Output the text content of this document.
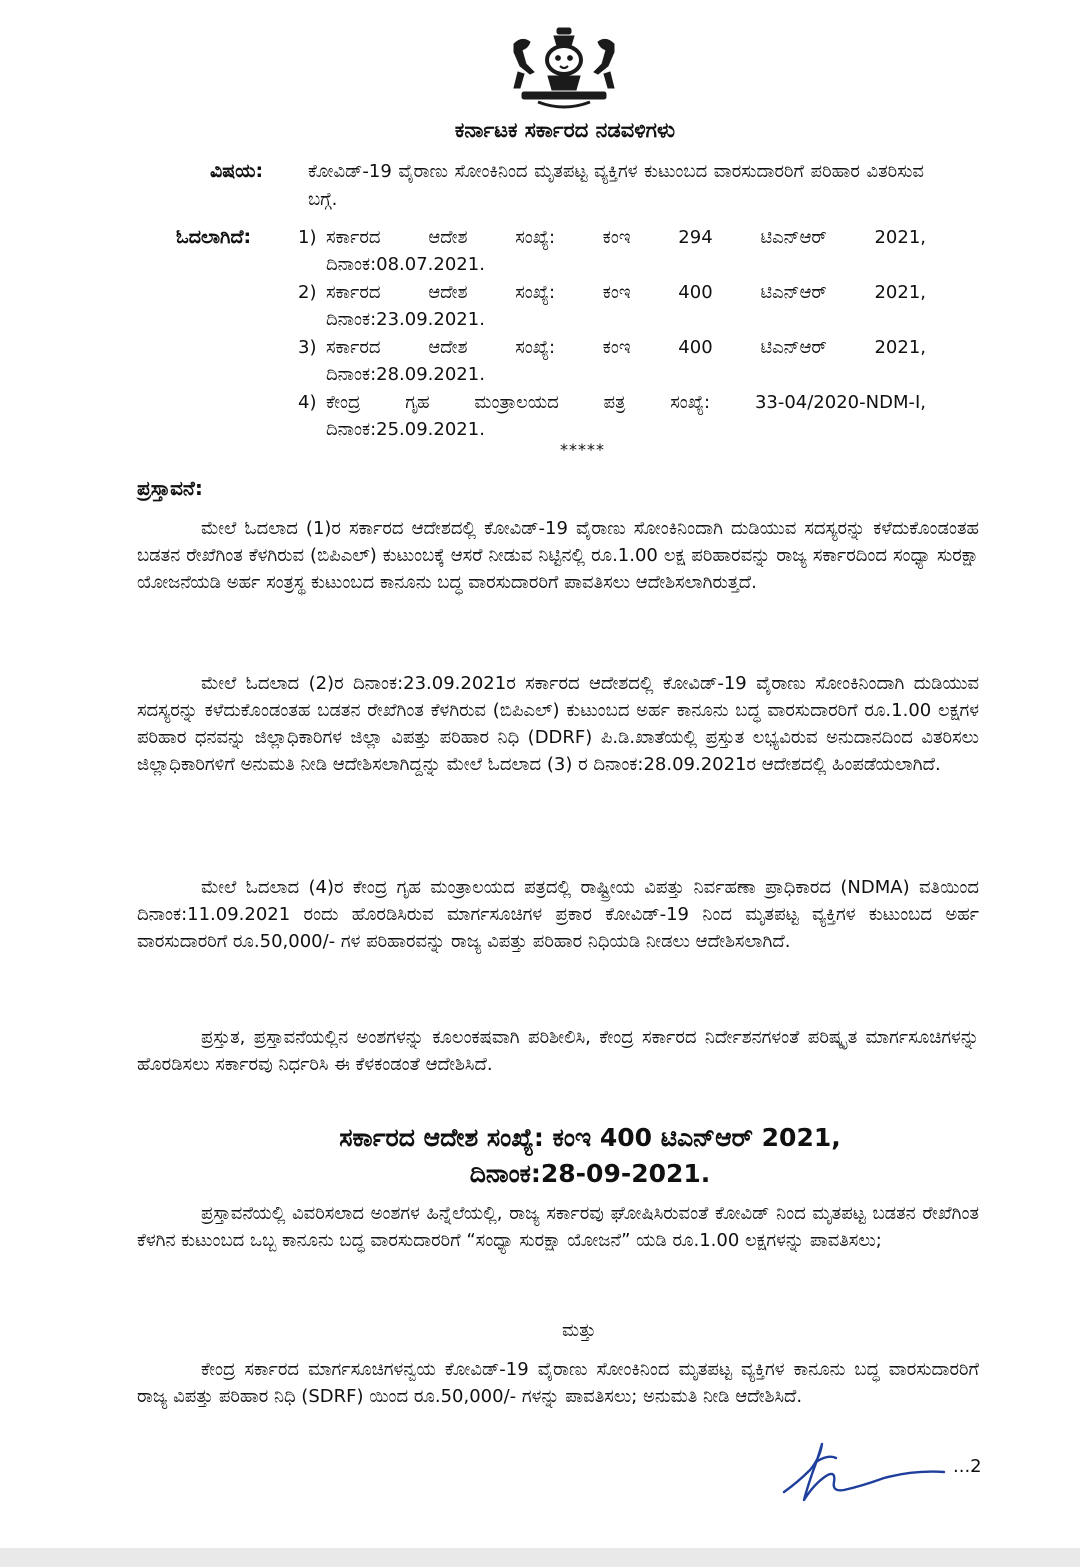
ಕರ್ನಾಟಕ ಸರ್ಕಾರದ ನಡವಳಿಗಳು
ವಿಷಯ: ಕೋವಿಡ್-19 ವೈರಾಣು ಸೋಂಕಿನಿಂದ ಮೃತಪಟ್ಟ ವ್ಯಕ್ತಿಗಳ ಕುಟುಂಬದ ವಾರಸುದಾರರಿಗೆ ಪರಿಹಾರ ವಿತರಿಸುವ ಬಗ್ಗೆ.
ಓದಲಾಗಿದೆ:	1) ಸರ್ಕಾರದ ಆದೇಶ ಸಂಖ್ಯೆ: ಕಂಇ 294 ಟಿಎನ್‌ಆರ್ 2021,
ದಿನಾಂಕ:08.07.2021.
2) ಸರ್ಕಾರದ ಆದೇಶ ಸಂಖ್ಯೆ: ಕಂಇ 400 ಟಿಎನ್‌ಆರ್ 2021,
ದಿನಾಂಕ:23.09.2021.
3) ಸರ್ಕಾರದ ಆದೇಶ ಸಂಖ್ಯೆ: ಕಂಇ 400 ಟಿಎನ್‌ಆರ್ 2021,
ದಿನಾಂಕ:28.09.2021.
4) ಕೇಂದ್ರ ಗೃಹ ಮಂತ್ರಾಲಯದ ಪತ್ರ ಸಂಖ್ಯೆ: 33-04/2020-NDM-I,
ದಿನಾಂಕ:25.09.2021.
*****
ಪ್ರಸ್ತಾವನೆ:

ಮೇಲೆ ಓದಲಾದ (1)ರ ಸರ್ಕಾರದ ಆದೇಶದಲ್ಲಿ ಕೋವಿಡ್-19 ವೈರಾಣು ಸೋಂಕಿನಿಂದಾಗಿ ದುಡಿಯುವ ಸದಸ್ಯರನ್ನು ಕಳೆದುಕೊಂಡಂತಹ ಬಡತನ ರೇಖೆಗಿಂತ ಕೆಳಗಿರುವ (ಬಿಪಿಎಲ್) ಕುಟುಂಬಕ್ಕೆ ಆಸರೆ ನೀಡುವ ನಿಟ್ಟಿನಲ್ಲಿ ರೂ.1.00 ಲಕ್ಷ ಪರಿಹಾರವನ್ನು ರಾಜ್ಯ ಸರ್ಕಾರದಿಂದ ಸಂಧ್ಯಾ ಸುರಕ್ಷಾ ಯೋಜನೆಯಡಿ ಅರ್ಹ ಸಂತ್ರಸ್ಥ ಕುಟುಂಬದ ಕಾನೂನು ಬದ್ಧ ವಾರಸುದಾರರಿಗೆ ಪಾವತಿಸಲು ಆದೇಶಿಸಲಾಗಿರುತ್ತದೆ.

ಮೇಲೆ ಓದಲಾದ (2)ರ ದಿನಾಂಕ:23.09.2021ರ ಸರ್ಕಾರದ ಆದೇಶದಲ್ಲಿ ಕೋವಿಡ್-19 ವೈರಾಣು ಸೋಂಕಿನಿಂದಾಗಿ ದುಡಿಯುವ ಸದಸ್ಯರನ್ನು ಕಳೆದುಕೊಂಡಂತಹ ಬಡತನ ರೇಖೆಗಿಂತ ಕೆಳಗಿರುವ (ಬಿಪಿಎಲ್) ಕುಟುಂಬದ ಅರ್ಹ ಕಾನೂನು ಬದ್ಧ ವಾರಸುದಾರರಿಗೆ ರೂ.1.00 ಲಕ್ಷಗಳ ಪರಿಹಾರ ಧನವನ್ನು ಜಿಲ್ಲಾಧಿಕಾರಿಗಳ ಜಿಲ್ಲಾ ವಿಪತ್ತು ಪರಿಹಾರ ನಿಧಿ (DDRF) ಪಿ.ಡಿ.ಖಾತೆಯಲ್ಲಿ ಪ್ರಸ್ತುತ ಲಭ್ಯವಿರುವ ಅನುದಾನದಿಂದ ವಿತರಿಸಲು ಜಿಲ್ಲಾಧಿಕಾರಿಗಳಿಗೆ ಅನುಮತಿ ನೀಡಿ ಆದೇಶಿಸಲಾಗಿದ್ದನ್ನು ಮೇಲೆ ಓದಲಾದ (3) ರ ದಿನಾಂಕ:28.09.2021ರ ಆದೇಶದಲ್ಲಿ ಹಿಂಪಡೆಯಲಾಗಿದೆ.

ಮೇಲೆ ಓದಲಾದ (4)ರ ಕೇಂದ್ರ ಗೃಹ ಮಂತ್ರಾಲಯದ ಪತ್ರದಲ್ಲಿ ರಾಷ್ಟ್ರೀಯ ವಿಪತ್ತು ನಿರ್ವಹಣಾ ಪ್ರಾಧಿಕಾರದ (NDMA) ವತಿಯಿಂದ ದಿನಾಂಕ:11.09.2021 ರಂದು ಹೊರಡಿಸಿರುವ ಮಾರ್ಗಸೂಚಿಗಳ ಪ್ರಕಾರ ಕೋವಿಡ್-19 ನಿಂದ ಮೃತಪಟ್ಟ ವ್ಯಕ್ತಿಗಳ ಕುಟುಂಬದ ಅರ್ಹ ವಾರಸುದಾರರಿಗೆ ರೂ.50,000/- ಗಳ ಪರಿಹಾರವನ್ನು ರಾಜ್ಯ ವಿಪತ್ತು ಪರಿಹಾರ ನಿಧಿಯಡಿ ನೀಡಲು ಆದೇಶಿಸಲಾಗಿದೆ.

ಪ್ರಸ್ತುತ, ಪ್ರಸ್ತಾವನೆಯಲ್ಲಿನ ಅಂಶಗಳನ್ನು ಕೂಲಂಕಷವಾಗಿ ಪರಿಶೀಲಿಸಿ, ಕೇಂದ್ರ ಸರ್ಕಾರದ ನಿರ್ದೇಶನಗಳಂತೆ ಪರಿಷ್ಕೃತ ಮಾರ್ಗಸೂಚಿಗಳನ್ನು ಹೊರಡಿಸಲು ಸರ್ಕಾರವು ನಿರ್ಧರಿಸಿ ಈ ಕೆಳಕಂಡಂತೆ ಆದೇಶಿಸಿದೆ.

ಸರ್ಕಾರದ ಆದೇಶ ಸಂಖ್ಯೆ: ಕಂಇ 400 ಟಿಎನ್‌ಆರ್ 2021,
ದಿನಾಂಕ:28-09-2021.

ಪ್ರಸ್ತಾವನೆಯಲ್ಲಿ ವಿವರಿಸಲಾದ ಅಂಶಗಳ ಹಿನ್ನೆಲೆಯಲ್ಲಿ, ರಾಜ್ಯ ಸರ್ಕಾರವು ಘೋಷಿಸಿರುವಂತೆ ಕೋವಿಡ್ ನಿಂದ ಮೃತಪಟ್ಟ ಬಡತನ ರೇಖೆಗಿಂತ ಕೆಳಗಿನ ಕುಟುಂಬದ ಒಬ್ಬ ಕಾನೂನು ಬದ್ಧ ವಾರಸುದಾರರಿಗೆ “ಸಂಧ್ಯಾ ಸುರಕ್ಷಾ ಯೋಜನೆ” ಯಡಿ ರೂ.1.00 ಲಕ್ಷಗಳನ್ನು ಪಾವತಿಸಲು;

ಮತ್ತು

ಕೇಂದ್ರ ಸರ್ಕಾರದ ಮಾರ್ಗಸೂಚಿಗಳನ್ವಯ ಕೋವಿಡ್-19 ವೈರಾಣು ಸೋಂಕಿನಿಂದ ಮೃತಪಟ್ಟ ವ್ಯಕ್ತಿಗಳ ಕಾನೂನು ಬದ್ಧ ವಾರಸುದಾರರಿಗೆ ರಾಜ್ಯ ವಿಪತ್ತು ಪರಿಹಾರ ನಿಧಿ (SDRF) ಯಿಂದ ರೂ.50,000/- ಗಳನ್ನು ಪಾವತಿಸಲು; ಅನುಮತಿ ನೀಡಿ ಆದೇಶಿಸಿದೆ.

...2
